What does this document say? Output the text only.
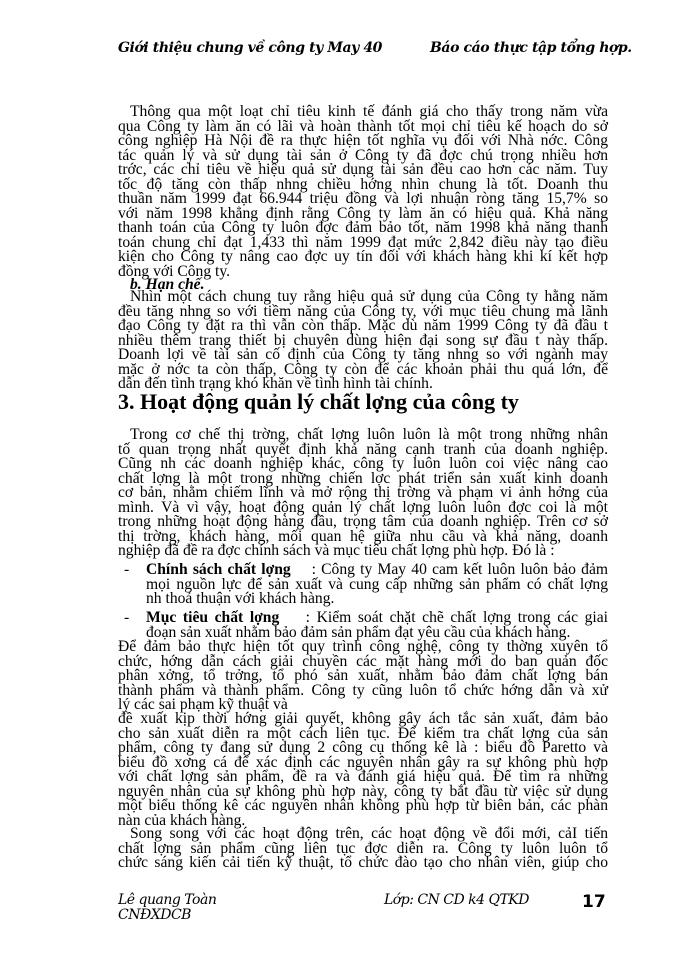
Giới thiệu chung về công ty May 40	Báo cáo thực tập tổng hợp.
Thông qua một loạt chỉ tiêu kinh tế đánh giá cho thấy trong năm vừa
qua Công ty làm ăn có lãi và hoàn thành tốt mọi chỉ tiêu kế hoạch do sở
công nghiệp Hà Nội đề ra thực hiện tốt nghĩa vụ đối với Nhà nớc. Công
tác quản lý và sử dụng tài sản ở Công ty đã đợc chú trọng nhiều hơn
trớc, các chỉ tiêu về hiệu quả sử dụng tài sản đều cao hơn các năm. Tuy
tốc độ tăng còn thấp nhng chiều hớng nhìn chung là tốt. Doanh thu
thuần năm 1999 đạt 66.944 triệu đồng và lợi nhuận ròng tăng 15,7% so
với năm 1998 khẳng định rằng Công ty làm ăn có hiệu quả. Khả năng
thanh toán của Công ty luôn đợc đảm bảo tốt, năm 1998 khả năng thanh
toán chung chỉ đạt 1,433 thì năm 1999 đạt mức 2,842 điều này tạo điều
kiện cho Công ty nâng cao đợc uy tín đối với khách hàng khi kí kết hợp
đồng với Công ty.
b. Hạn chế.
Nhìn một cách chung tuy rằng hiệu quả sử dụng của Công ty hằng năm
đều tăng nhng so với tiềm năng của Công ty, với mục tiêu chung mà lãnh
đạo Công ty đặt ra thì vẫn còn thấp. Mặc dù năm 1999 Công ty đã đầu t
nhiều thêm trang thiết bị chuyên dùng hiện đại song sự đầu t này thấp.
Doanh lợi về tài sản cố định của Công ty tăng nhng so với ngành may
mặc ở nớc ta còn thấp, Công ty còn để các khoản phải thu quá lớn, để
dẫn đến tình trạng khó khăn về tình hình tài chính.
3. Hoạt động quản lý chất lợng của công ty
Trong cơ chế thị trờng, chất lợng luôn luôn là một trong những nhân
tố quan trọng nhất quyết định khả năng cạnh tranh của doanh nghiệp.
Cũng nh các doanh nghiệp khác, công ty luôn luôn coi việc nâng cao
chất lợng là một trong những chiến lợc phát triển sản xuất kinh doanh
cơ bản, nhằm chiếm lĩnh và mở rộng thị trờng và phạm vi ảnh hởng của
mình. Và vì vậy, hoạt động quản lý chất lợng luôn luôn đợc coi là một
trong những hoạt động hàng đầu, trọng tâm của doanh nghiệp. Trên cơ sở
thị trờng, khách hàng, mối quan hệ giữa nhu cầu và khả năng, doanh
nghiệp đã đề ra đợc chính sách và mục tiêu chất lợng phù hợp. Đó là :
- Chính sách chất lợng : Công ty May 40 cam kết luôn luôn bảo đảm
mọi nguồn lực để sản xuất và cung cấp những sản phẩm có chất lợng
nh thoả thuận với khách hàng.
- Mục tiêu chất lợng : Kiểm soát chặt chẽ chất lợng trong các giai
đoạn sản xuất nhằm bảo đảm sản phẩm đạt yêu cầu của khách hàng.
Để đảm bảo thực hiện tốt quy trình công nghệ, công ty thờng xuyên tổ
chức, hớng dẫn cách giải chuyền các mặt hàng mới do ban quản đốc
phân xởng, tổ trởng, tổ phó sản xuất, nhằm bảo đảm chất lợng bán
thành phẩm và thành phẩm. Công ty cũng luôn tổ chức hớng dẫn và xử
lý các sai phạm kỹ thuật và
đề xuất kịp thời hớng giải quyết, không gây ách tắc sản xuất, đảm bảo
cho sản xuất diễn ra một cách liên tục. Để kiểm tra chất lợng của sản
phẩm, công ty đang sử dụng 2 công cụ thống kê là : biểu đồ Paretto và
biểu đồ xơng cá để xác định các nguyên nhân gây ra sự không phù hợp
với chất lợng sản phẩm, đề ra và đánh giá hiệu quả. Để tìm ra những
nguyên nhân của sự không phù hợp này, công ty bắt đầu từ việc sử dụng
một biểu thống kê các nguyên nhân không phù hợp từ biên bản, các phàn
nàn của khách hàng.
Song song với các hoạt động trên, các hoạt động về đổi mới, cảI tiến
chất lợng sản phẩm cũng liên tục đợc diễn ra. Công ty luôn luôn tổ
chức sáng kiến cải tiến kỹ thuật, tổ chức đào tạo cho nhân viên, giúp cho
Lê quang Toàn
CNĐXDCB
Lớp: CN CD k4 QTKD	17
